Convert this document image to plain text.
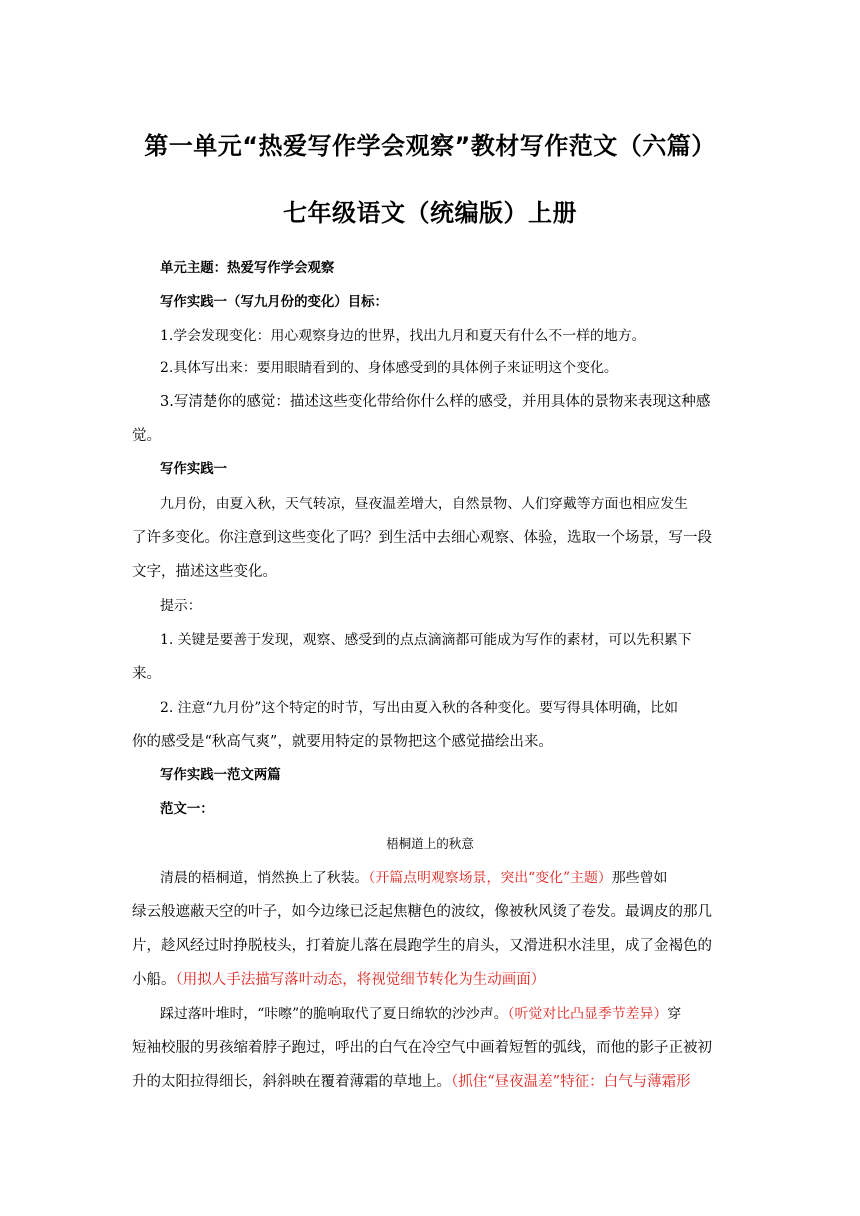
第一单元“热爱写作学会观察”教材写作范文（六篇）
七年级语文（统编版）上册
单元主题：热爱写作学会观察
写作实践一（写九月份的变化）目标：
1.学会发现变化：用心观察身边的世界，找出九月和夏天有什么不一样的地方。
2.具体写出来：要用眼睛看到的、身体感受到的具体例子来证明这个变化。
3.写清楚你的感觉：描述这些变化带给你什么样的感受，并用具体的景物来表现这种感
觉。
写作实践一
九月份，由夏入秋，天气转凉，昼夜温差增大，自然景物、人们穿戴等方面也相应发生
了许多变化。你注意到这些变化了吗？到生活中去细心观察、体验，选取一个场景，写一段
文字，描述这些变化。
提示：
1. 关键是要善于发现，观察、感受到的点点滴滴都可能成为写作的素材，可以先积累下
来。
2. 注意“九月份”这个特定的时节，写出由夏入秋的各种变化。要写得具体明确，比如
你的感受是“秋高气爽”，就要用特定的景物把这个感觉描绘出来。
写作实践一范文两篇
范文一：
梧桐道上的秋意
清晨的梧桐道，悄然换上了秋装。（开篇点明观察场景，突出“变化”主题）那些曾如
绿云般遮蔽天空的叶子，如今边缘已泛起焦糖色的波纹，像被秋风烫了卷发。最调皮的那几
片，趁风经过时挣脱枝头，打着旋儿落在晨跑学生的肩头，又滑进积水洼里，成了金褐色的
小船。（用拟人手法描写落叶动态，将视觉细节转化为生动画面）
踩过落叶堆时，“咔嚓”的脆响取代了夏日绵软的沙沙声。（听觉对比凸显季节差异）穿
短袖校服的男孩缩着脖子跑过，呼出的白气在冷空气中画着短暂的弧线，而他的影子正被初
升的太阳拉得细长，斜斜映在覆着薄霜的草地上。（抓住“昼夜温差”特征：白气与薄霜形
